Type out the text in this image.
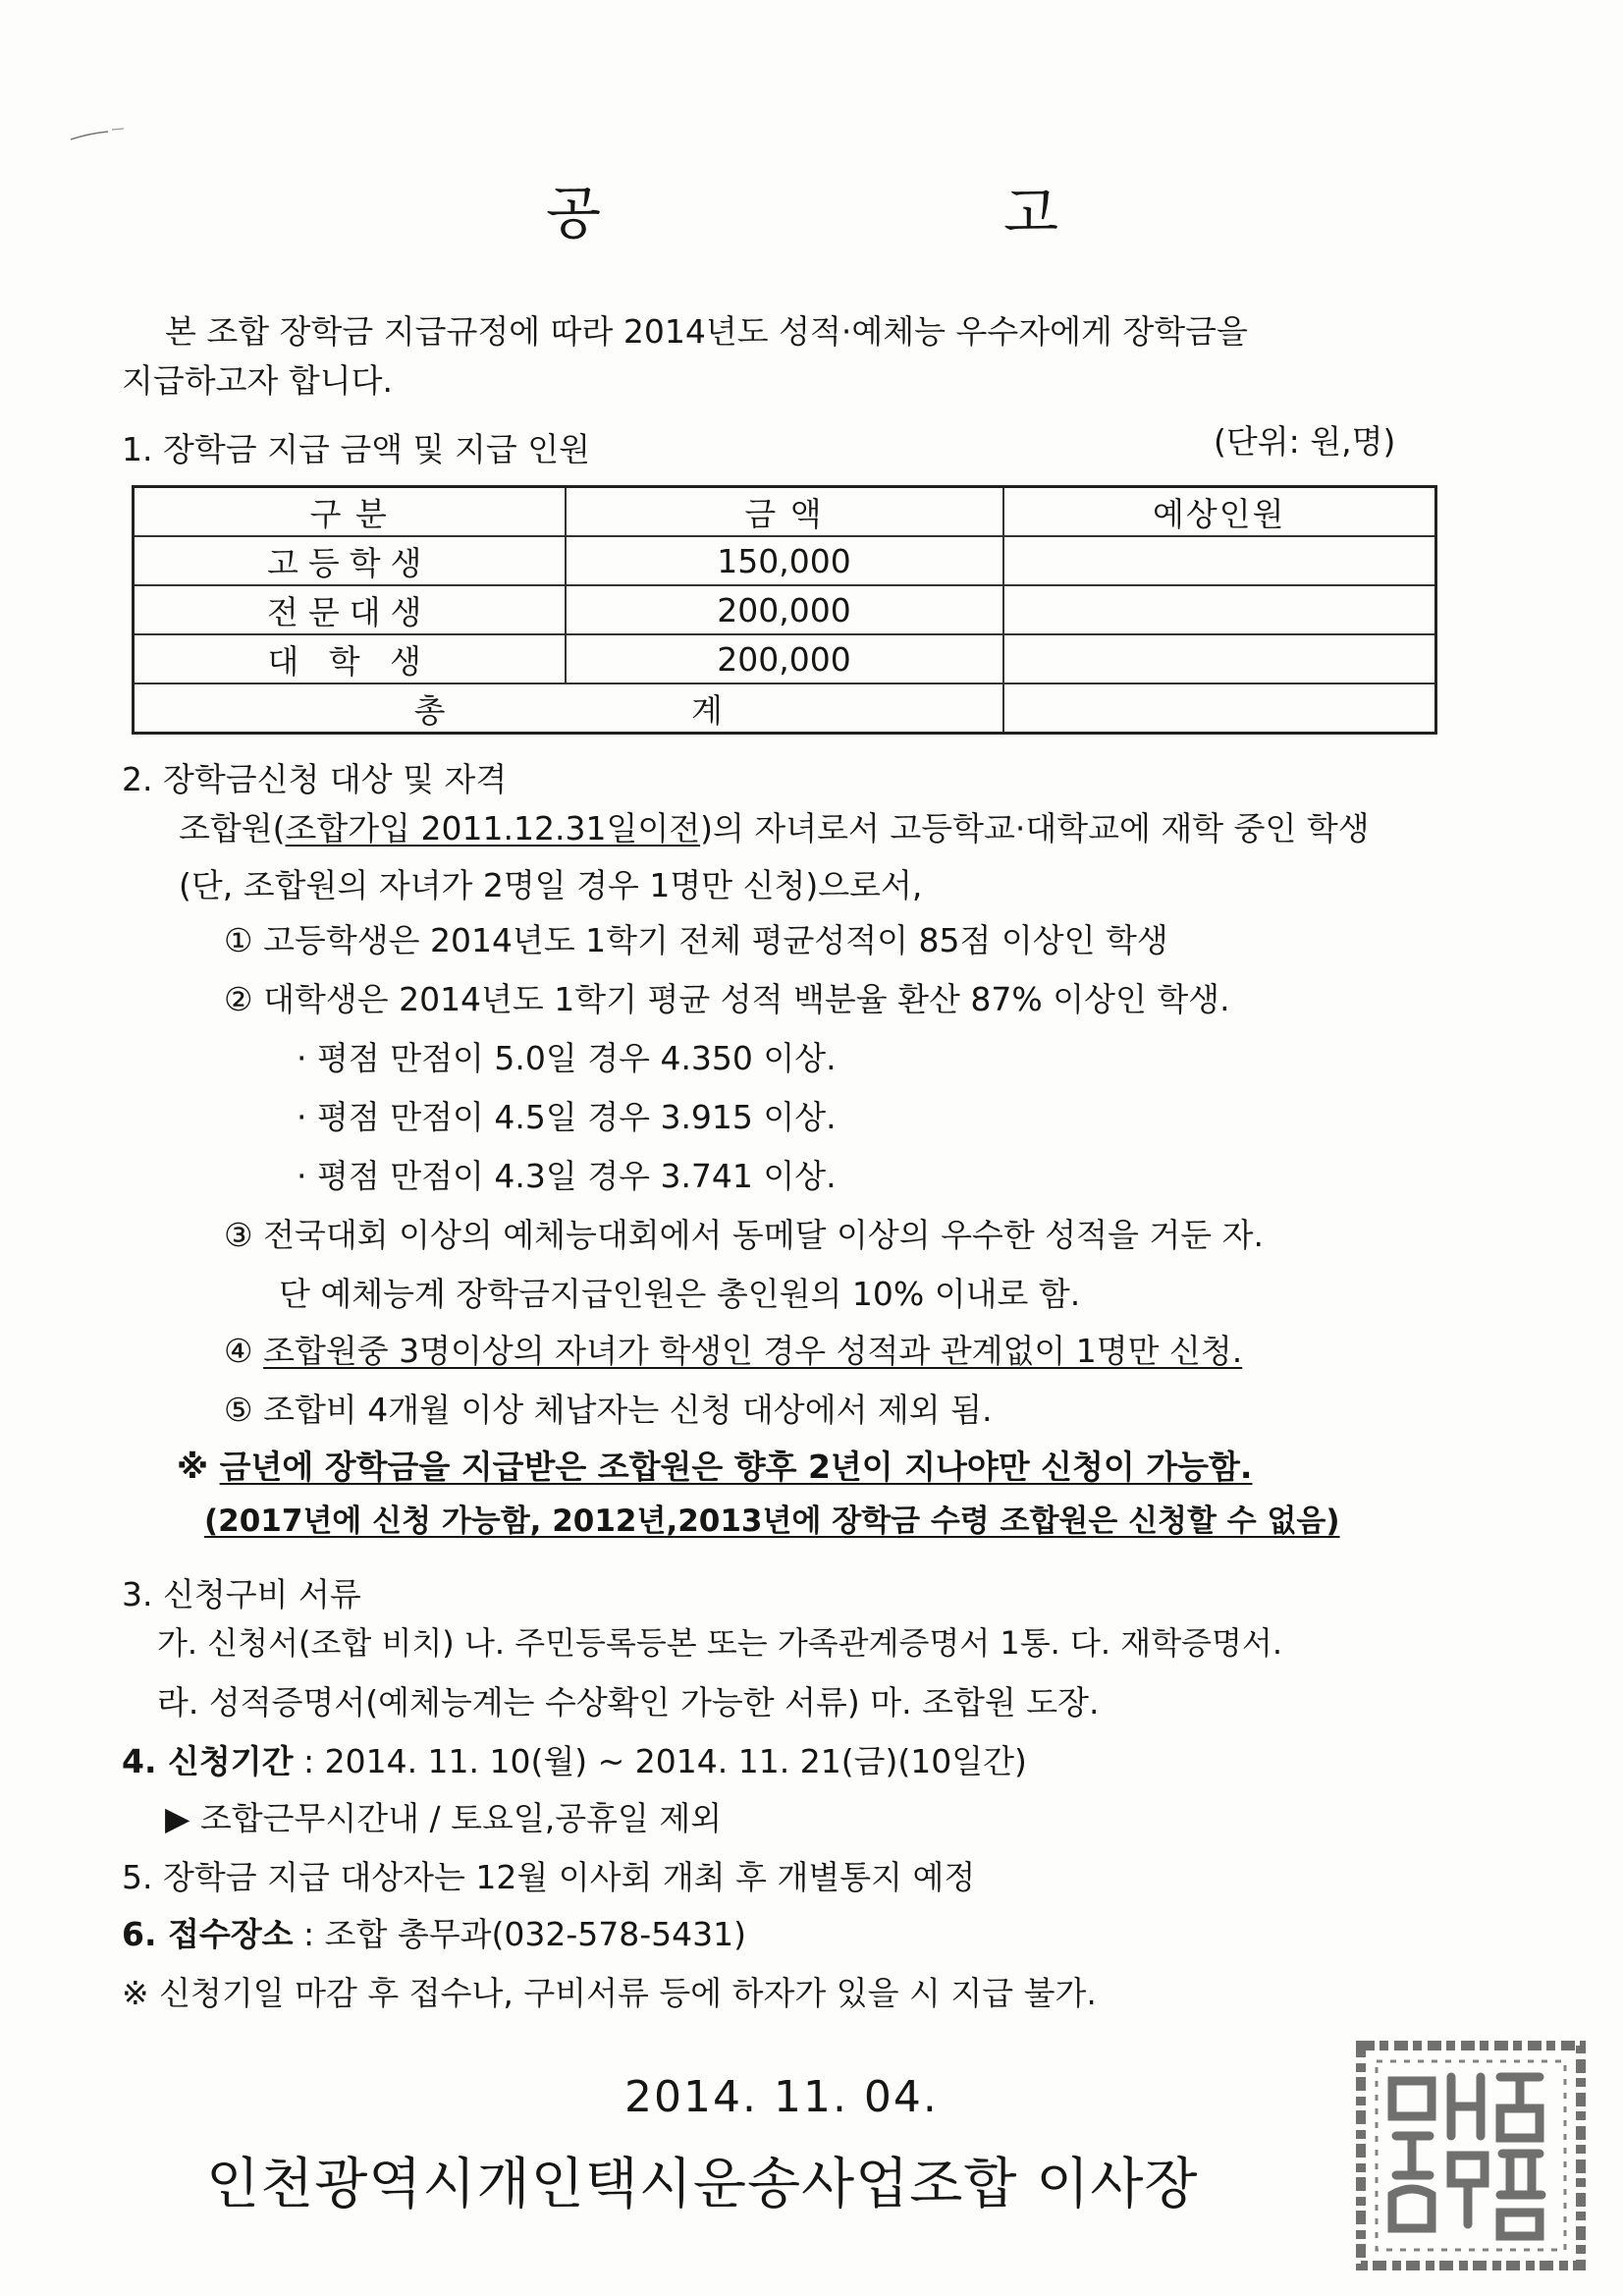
공	고
본 조합 장학금 지급규정에 따라 2014년도 성적·예체능 우수자에게 장학금을
지급하고자 합니다.
1. 장학금 지급 금액 및 지급 인원	(단위: 원,명)
구 분	금 액	예상인원
고등학생	150,000	
전문대생	200,000	
대 학 생	200,000	
총 계		
2. 장학금신청 대상 및 자격
조합원(조합가입 2011.12.31일이전)의 자녀로서 고등학교·대학교에 재학 중인 학생
(단, 조합원의 자녀가 2명일 경우 1명만 신청)으로서,
① 고등학생은 2014년도 1학기 전체 평균성적이 85점 이상인 학생
② 대학생은 2014년도 1학기 평균 성적 백분율 환산 87% 이상인 학생.
· 평점 만점이 5.0일 경우 4.350 이상.
· 평점 만점이 4.5일 경우 3.915 이상.
· 평점 만점이 4.3일 경우 3.741 이상.
③ 전국대회 이상의 예체능대회에서 동메달 이상의 우수한 성적을 거둔 자.
단 예체능계 장학금지급인원은 총인원의 10% 이내로 함.
④ 조합원중 3명이상의 자녀가 학생인 경우 성적과 관계없이 1명만 신청.
⑤ 조합비 4개월 이상 체납자는 신청 대상에서 제외 됨.
※ 금년에 장학금을 지급받은 조합원은 향후 2년이 지나야만 신청이 가능함.
(2017년에 신청 가능함, 2012년,2013년에 장학금 수령 조합원은 신청할 수 없음)
3. 신청구비 서류
가. 신청서(조합 비치) 나. 주민등록등본 또는 가족관계증명서 1통. 다. 재학증명서.
라. 성적증명서(예체능계는 수상확인 가능한 서류) 마. 조합원 도장.
4. 신청기간 : 2014. 11. 10(월) ~ 2014. 11. 21(금)(10일간)
▶ 조합근무시간내 / 토요일,공휴일 제외
5. 장학금 지급 대상자는 12월 이사회 개최 후 개별통지 예정
6. 접수장소 : 조합 총무과(032-578-5431)
※ 신청기일 마감 후 접수나, 구비서류 등에 하자가 있을 시 지급 불가.
2014. 11. 04.
인천광역시개인택시운송사업조합 이사장
